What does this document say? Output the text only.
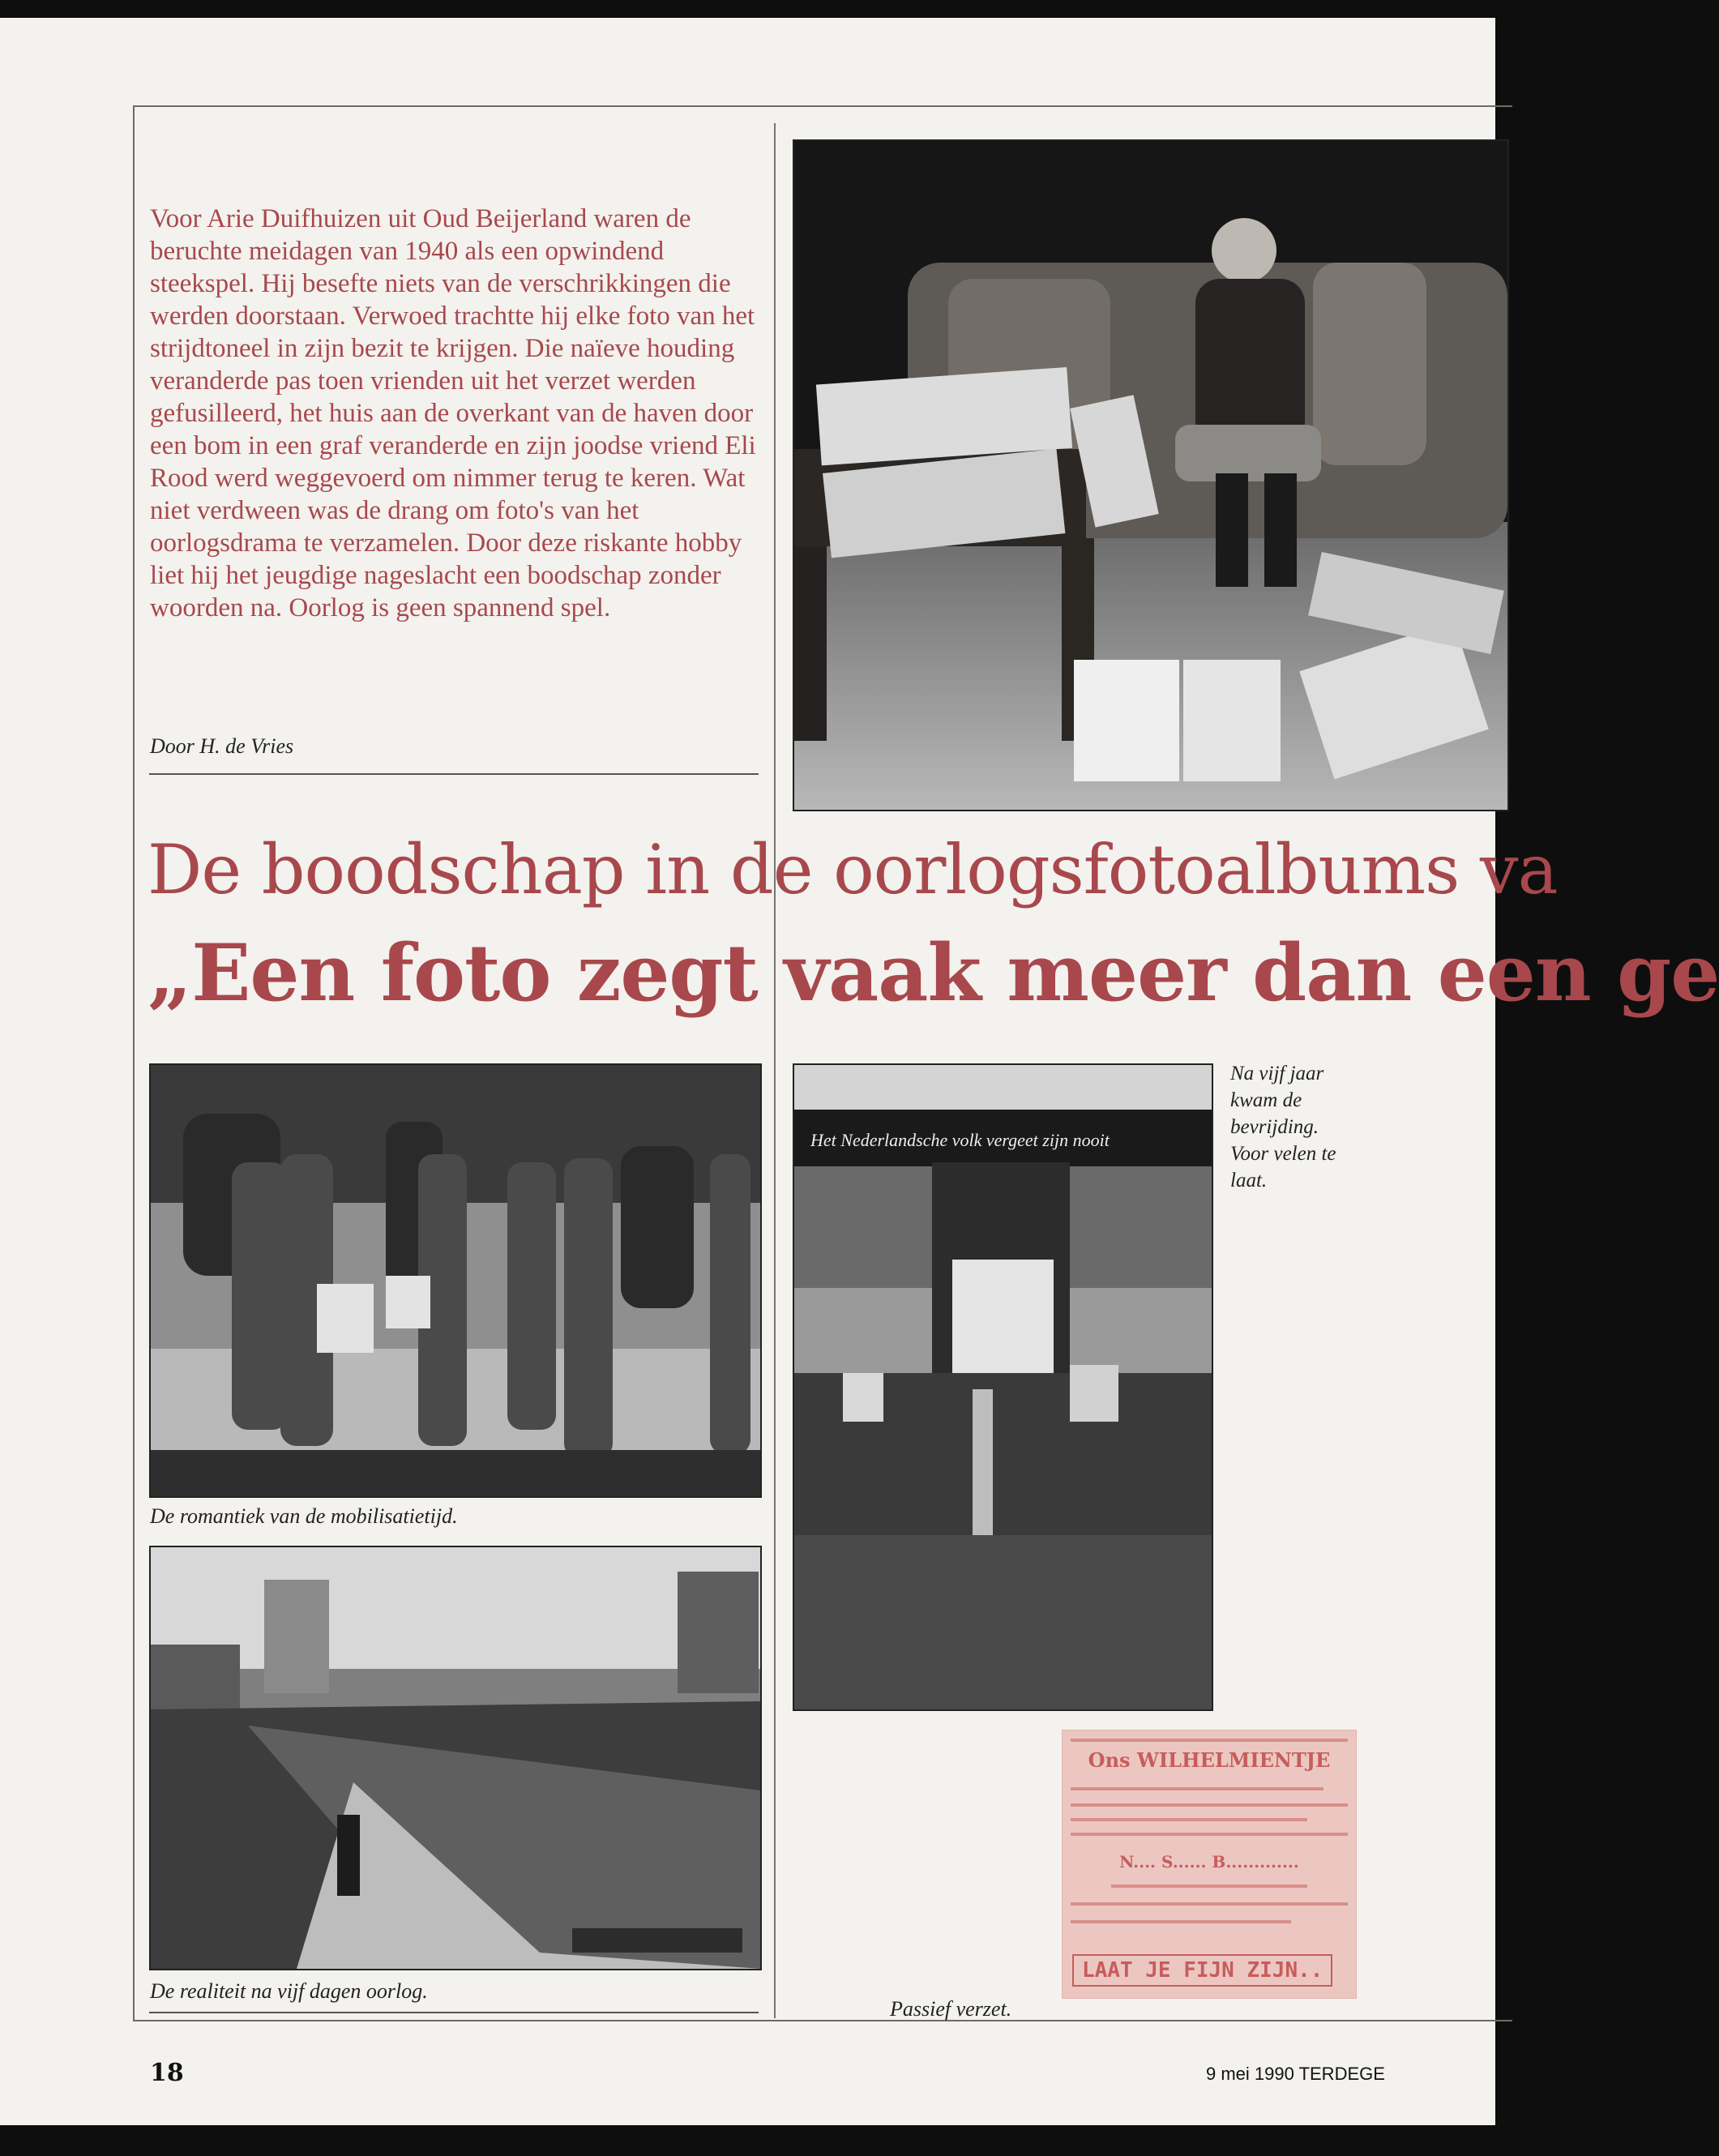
Voor Arie Duifhuizen uit Oud Beijerland waren de beruchte meidagen van 1940 als een opwindend steekspel. Hij besefte niets van de verschrikkingen die werden doorstaan. Verwoed trachtte hij elke foto van het strijdtoneel in zijn bezit te krijgen. Die naïeve houding veranderde pas toen vrienden uit het verzet werden gefusilleerd, het huis aan de overkant van de haven door een bom in een graf veranderde en zijn joodse vriend Eli Rood werd weggevoerd om nimmer terug te keren. Wat niet verdween was de drang om foto's van het oorlogsdrama te verzamelen. Door deze riskante hobby liet hij het jeugdige nageslacht een boodschap zonder woorden na. Oorlog is geen spannend spel.

Door H. de Vries
De boodschap in de oorlogsfotoalbums va
„Een foto zegt vaak meer dan een ge

De romantiek van de mobilisatietijd.

De realiteit na vijf dagen oorlog.

Het Nederlandsche volk vergeet zijn nooit
Na vijf jaar kwam de bevrijding. Voor velen te laat.

Passief verzet.

Ons WILHELMIENTJE
N.... S...... B.............
LAAT JE FIJN ZIJN..
18	9 mei 1990 TERDEGE
